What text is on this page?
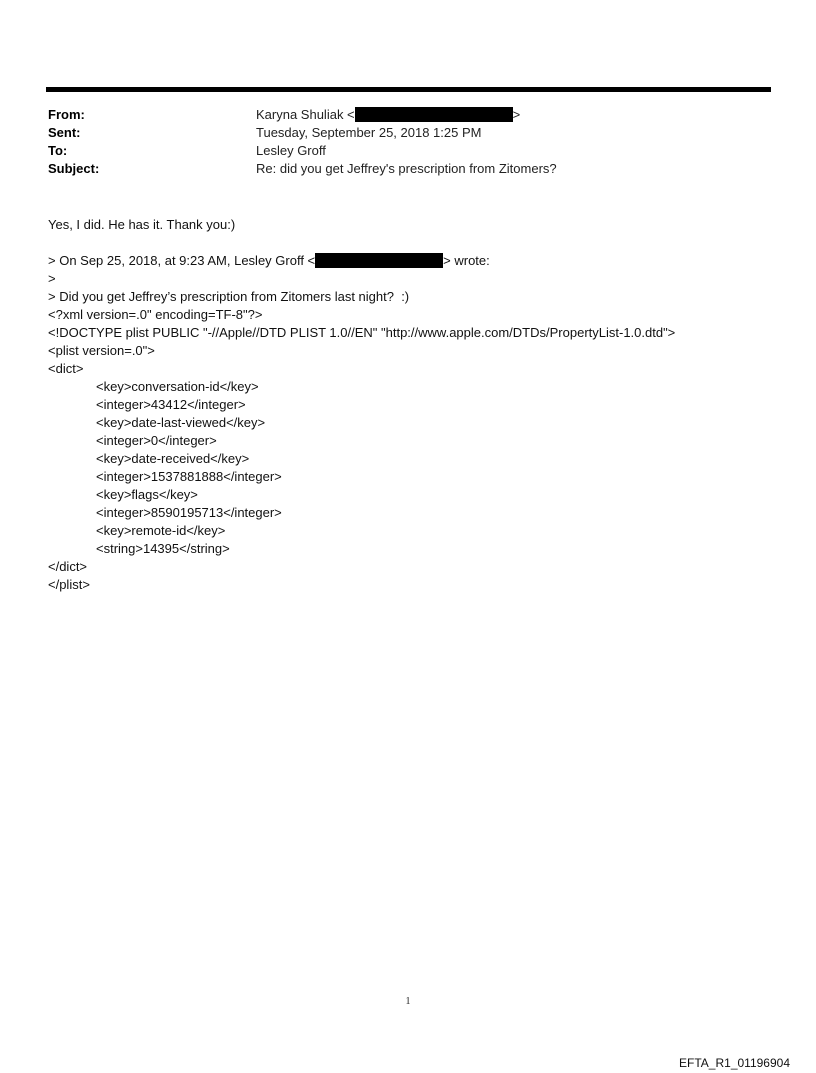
From:	Karyna Shuliak <	>
Sent:	Tuesday, September 25, 2018 1:25 PM
To:	Lesley Groff
Subject:	Re: did you get Jeffrey's prescription from Zitomers?
Yes, I did. He has it. Thank you:)
> On Sep 25, 2018, at 9:23 AM, Lesley Groff <	> wrote:
>
> Did you get Jeffrey’s prescription from Zitomers last night?  :)
<?xml version=.0" encoding=TF-8"?>
<!DOCTYPE plist PUBLIC "-//Apple//DTD PLIST 1.0//EN" "http://www.apple.com/DTDs/PropertyList-1.0.dtd">
<plist version=.0">
<dict>
<key>conversation-id</key>
<integer>43412</integer>
<key>date-last-viewed</key>
<integer>0</integer>
<key>date-received</key>
<integer>1537881888</integer>
<key>flags</key>
<integer>8590195713</integer>
<key>remote-id</key>
<string>14395</string>
</dict>
</plist>
1
EFTA_R1_01196904
